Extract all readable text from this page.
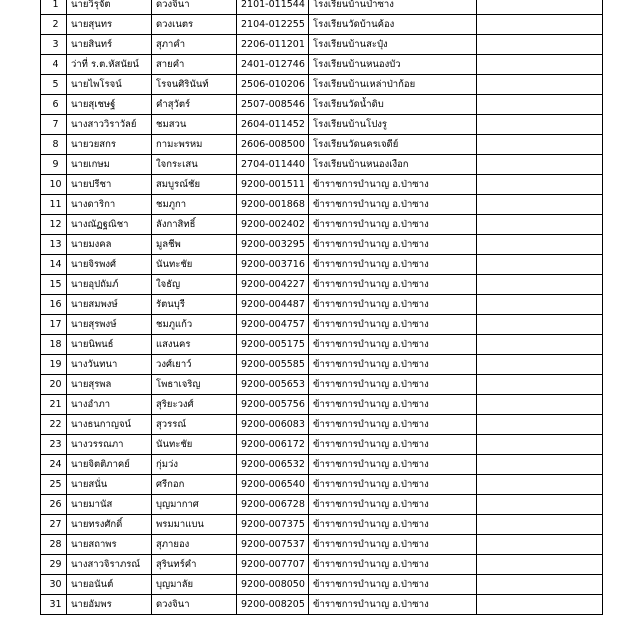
1	นายวิรุจัต	ดวงจินา	2101-011544	โรงเรียนบ้านป่าซาง	
2	นายสุนทร	ดวงเนตร	2104-012255	โรงเรียนวัดบ้านค้อง	
3	นายสินทร์	สุภาคำ	2206-011201	โรงเรียนบ้านสะปุ๋ง	
4	ว่าที่ ร.ต.หัสนัยน์	สายคำ	2401-012746	โรงเรียนบ้านหนองบัว	
5	นายไพโรจน์	โรจนศิรินันท์	2506-010206	โรงเรียนบ้านเหล่าป่าก้อย	
6	นายสุเชษฐ์	คำสุวัตร์	2507-008546	โรงเรียนวัดน้ำดิบ	
7	นางสาววิราวัลย์	ชมสวน	2604-011452	โรงเรียนบ้านโปงรู	
8	นายวยสกร	กามะพรหม	2606-008500	โรงเรียนวัดนครเจดีย์	
9	นายเกษม	ใจกระเสน	2704-011440	โรงเรียนบ้านหนองเงือก	
10	นายปรีชา	สมบูรณ์ชัย	9200-001511	ข้าราชการบำนาญ อ.ป่าซาง	
11	นางดาริกา	ชมภูกา	9200-001868	ข้าราชการบำนาญ อ.ป่าซาง	
12	นางณัฏฐณิชา	ลังกาสิทธิ์	9200-002402	ข้าราชการบำนาญ อ.ป่าซาง	
13	นายมงคล	มูลชีพ	9200-003295	ข้าราชการบำนาญ อ.ป่าซาง	
14	นายจิรพงศ์	นันทะชัย	9200-003716	ข้าราชการบำนาญ อ.ป่าซาง	
15	นายอุปถัมภ์	ใจธัญ	9200-004227	ข้าราชการบำนาญ อ.ป่าซาง	
16	นายสมพงษ์	รัตนบุรี	9200-004487	ข้าราชการบำนาญ อ.ป่าซาง	
17	นายสุรพงษ์	ชมภูแก้ว	9200-004757	ข้าราชการบำนาญ อ.ป่าซาง	
18	นายนิพนธ์	แสงนคร	9200-005175	ข้าราชการบำนาญ อ.ป่าซาง	
19	นางวันทนา	วงศ์เยาว์	9200-005585	ข้าราชการบำนาญ อ.ป่าซาง	
20	นายสุรพล	โพธาเจริญ	9200-005653	ข้าราชการบำนาญ อ.ป่าซาง	
21	นางอำภา	สุริยะวงศ์	9200-005756	ข้าราชการบำนาญ อ.ป่าซาง	
22	นางธนกาญจน์	สุวรรณ์	9200-006083	ข้าราชการบำนาญ อ.ป่าซาง	
23	นางวรรณภา	นันทะชัย	9200-006172	ข้าราชการบำนาญ อ.ป่าซาง	
24	นายจิตติภาคย์	กุ่มว่ง	9200-006532	ข้าราชการบำนาญ อ.ป่าซาง	
25	นายสนั่น	ศรีกอก	9200-006540	ข้าราชการบำนาญ อ.ป่าซาง	
26	นายมานัส	บุญมากาศ	9200-006728	ข้าราชการบำนาญ อ.ป่าซาง	
27	นายทรงศักดิ์	พรมมาแบน	9200-007375	ข้าราชการบำนาญ อ.ป่าซาง	
28	นายสถาพร	สุภายอง	9200-007537	ข้าราชการบำนาญ อ.ป่าซาง	
29	นางสาวจิราภรณ์	สุรินทร์คำ	9200-007707	ข้าราชการบำนาญ อ.ป่าซาง	
30	นายอนันต์	บุญมาลัย	9200-008050	ข้าราชการบำนาญ อ.ป่าซาง	
31	นายอัมพร	ดวงจินา	9200-008205	ข้าราชการบำนาญ อ.ป่าซาง	
